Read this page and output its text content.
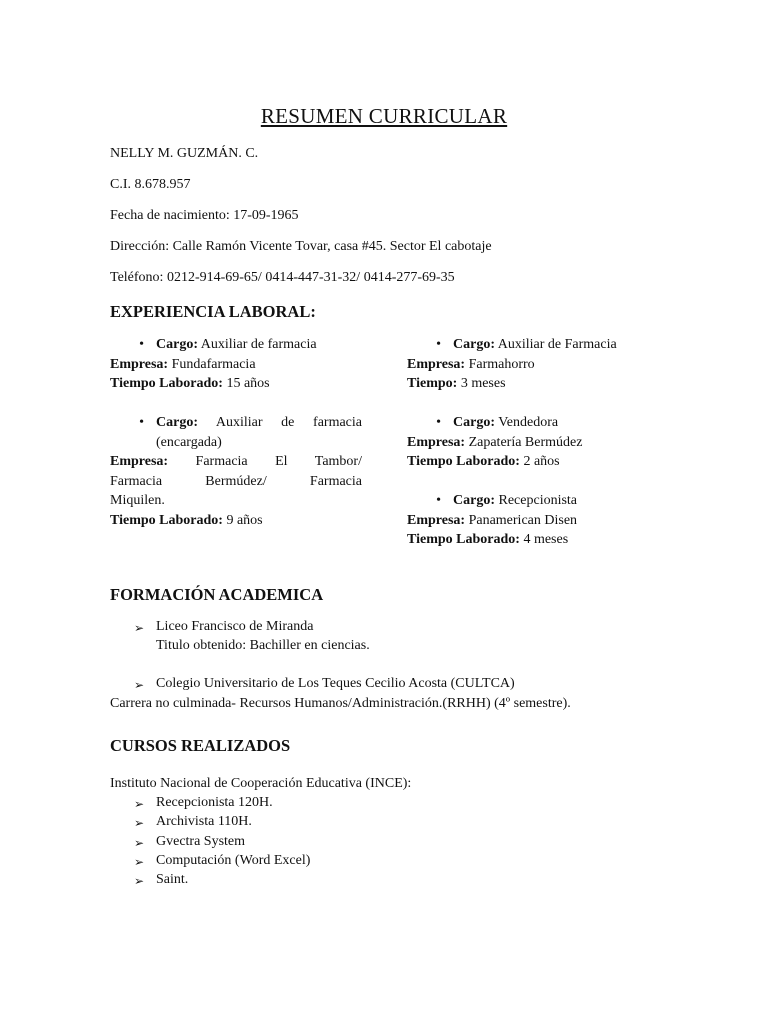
RESUMEN CURRICULAR
NELLY M. GUZMÁN. C.
C.I. 8.678.957
Fecha de nacimiento: 17-09-1965
Dirección: Calle Ramón Vicente Tovar, casa #45. Sector El cabotaje
Teléfono: 0212-914-69-65/ 0414-447-31-32/ 0414-277-69-35
EXPERIENCIA LABORAL:
• Cargo: Auxiliar de farmacia
Empresa: Fundafarmacia
Tiempo Laborado: 15 años
• Cargo: Auxiliar de farmacia
(encargada)
Empresa: Farmacia El Tambor/
Farmacia Bermúdez/ Farmacia
Miquilen.
Tiempo Laborado: 9 años
• Cargo: Auxiliar de Farmacia
Empresa: Farmahorro
Tiempo: 3 meses
• Cargo: Vendedora
Empresa: Zapatería Bermúdez
Tiempo Laborado: 2 años
• Cargo: Recepcionista
Empresa: Panamerican Disen
Tiempo Laborado: 4 meses
FORMACIÓN ACADEMICA
➢ Liceo Francisco de Miranda
Titulo obtenido: Bachiller en ciencias.
➢ Colegio Universitario de Los Teques Cecilio Acosta (CULTCA)
Carrera no culminada- Recursos Humanos/Administración.(RRHH) (4º semestre).
CURSOS REALIZADOS
Instituto Nacional de Cooperación Educativa (INCE):
➢ Recepcionista 120H.
➢ Archivista 110H.
➢ Gvectra System
➢ Computación (Word Excel)
➢ Saint.
